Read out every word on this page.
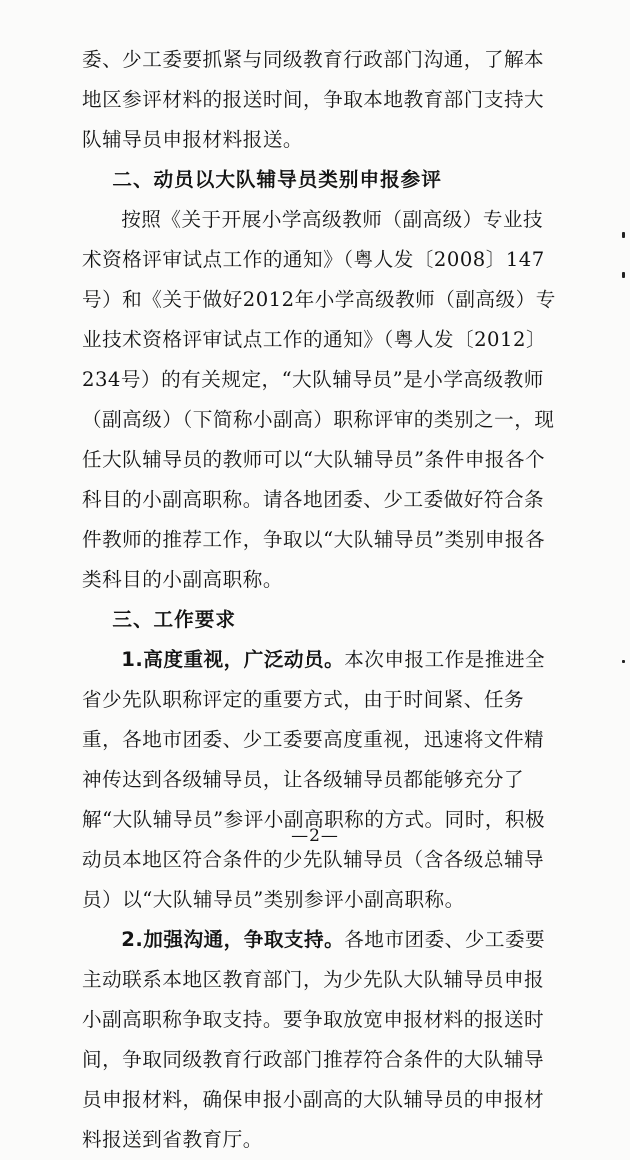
委、少工委要抓紧与同级教育行政部门沟通，了解本地区参评材料的报送时间，争取本地教育部门支持大队辅导员申报材料报送。

二、动员以大队辅导员类别申报参评

按照《关于开展小学高级教师（副高级）专业技术资格评审试点工作的通知》（粤人发〔2008〕147号）和《关于做好2012年小学高级教师（副高级）专业技术资格评审试点工作的通知》（粤人发〔2012〕234号）的有关规定，“大队辅导员”是小学高级教师（副高级）（下简称小副高）职称评审的类别之一，现任大队辅导员的教师可以“大队辅导员”条件申报各个科目的小副高职称。请各地团委、少工委做好符合条件教师的推荐工作，争取以“大队辅导员”类别申报各类科目的小副高职称。

三、工作要求

1.高度重视，广泛动员。本次申报工作是推进全省少先队职称评定的重要方式，由于时间紧、任务重，各地市团委、少工委要高度重视，迅速将文件精神传达到各级辅导员，让各级辅导员都能够充分了解“大队辅导员”参评小副高职称的方式。同时，积极动员本地区符合条件的少先队辅导员（含各级总辅导员）以“大队辅导员”类别参评小副高职称。

2.加强沟通，争取支持。各地市团委、少工委要主动联系本地区教育部门，为少先队大队辅导员申报小副高职称争取支持。要争取放宽申报材料的报送时间，争取同级教育行政部门推荐符合条件的大队辅导员申报材料，确保申报小副高的大队辅导员的申报材料报送到省教育厅。

—2—
